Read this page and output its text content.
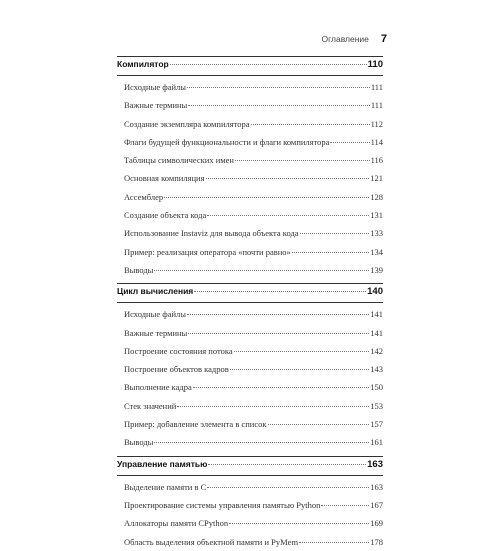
Оглавление 7
Компилятор	110
Исходные файлы	111
Важные термины	111
Создание экземпляра компилятора	112
Флаги будущей функциональности и флаги компилятора	114
Таблицы символических имен	116
Основная компиляция	121
Ассемблер	128
Создание объекта кода	131
Использование Instaviz для вывода объекта кода	133
Пример: реализация оператора «почти равно»	134
Выводы	139
Цикл вычисления	140
Исходные файлы	141
Важные термины	141
Построение состояния потока	142
Построение объектов кадров	143
Выполнение кадра	150
Стек значений	153
Пример: добавление элемента в список	157
Выводы	161
Управление памятью	163
Выделение памяти в C	163
Проектирование системы управления памятью Python	167
Аллокаторы памяти CPython	169
Область выделения объектной памяти и PyMem	178
